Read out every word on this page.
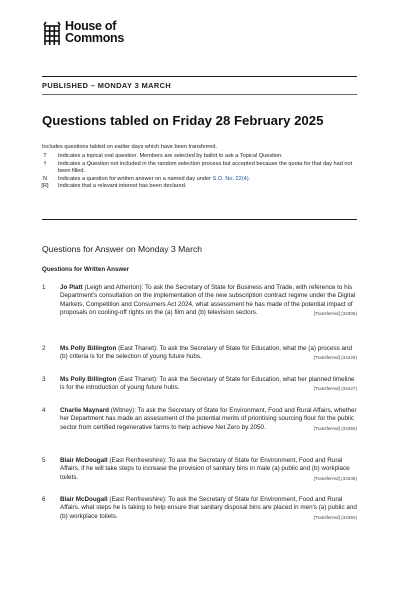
House of
Commons
PUBLISHED – MONDAY 3 MARCH
Questions tabled on Friday 28 February 2025
Includes questions tabled on earlier days which have been transferred.
T	Indicates a topical oral question. Members are selected by ballot to ask a Topical Question.
†	Indicates a Question not included in the random selection process but accepted because the quota for that day had not been filled.
N	Indicates a question for written answer on a named day under S.O. No. 22(4).
[R] Indicates that a relevant interest has been declared.
Questions for Answer on Monday 3 March
Questions for Written Answer
1 Jo Platt (Leigh and Atherton): To ask the Secretary of State for Business and Trade, with reference to his Department's consultation on the implementation of the new subscription contract regime under the Digital Markets, Competition and Consumers Act 2024, what assessment he has made of the potential impact of proposals on cooling-off rights on the (a) film and (b) television sectors.	[Transferred] (34306)
2 Ms Polly Billington (East Thanet): To ask the Secretary of State for Education, what the (a) process and (b) criteria is for the selection of young future hubs.	[Transferred] (34426)
3 Ms Polly Billington (East Thanet): To ask the Secretary of State for Education, what her planned timeline is for the introduction of young future hubs.	[Transferred] (34427)
4 Charlie Maynard (Witney): To ask the Secretary of State for Environment, Food and Rural Affairs, whether her Department has made an assessment of the potential merits of prioritising sourcing flour for the public sector from certified regenerative farms to help achieve Net Zero by 2050.	[Transferred] (34350)
5 Blair McDougall (East Renfrewshire): To ask the Secretary of State for Environment, Food and Rural Affairs, if he will take steps to increase the provision of sanitary bins in male (a) public and (b) workplace toilets.	[Transferred] (34348)
6 Blair McDougall (East Renfrewshire): To ask the Secretary of State for Environment, Food and Rural Affairs, what steps he is taking to help ensure that sanitary disposal bins are placed in men's (a) public and (b) workplace toilets.	[Transferred] (34350)
